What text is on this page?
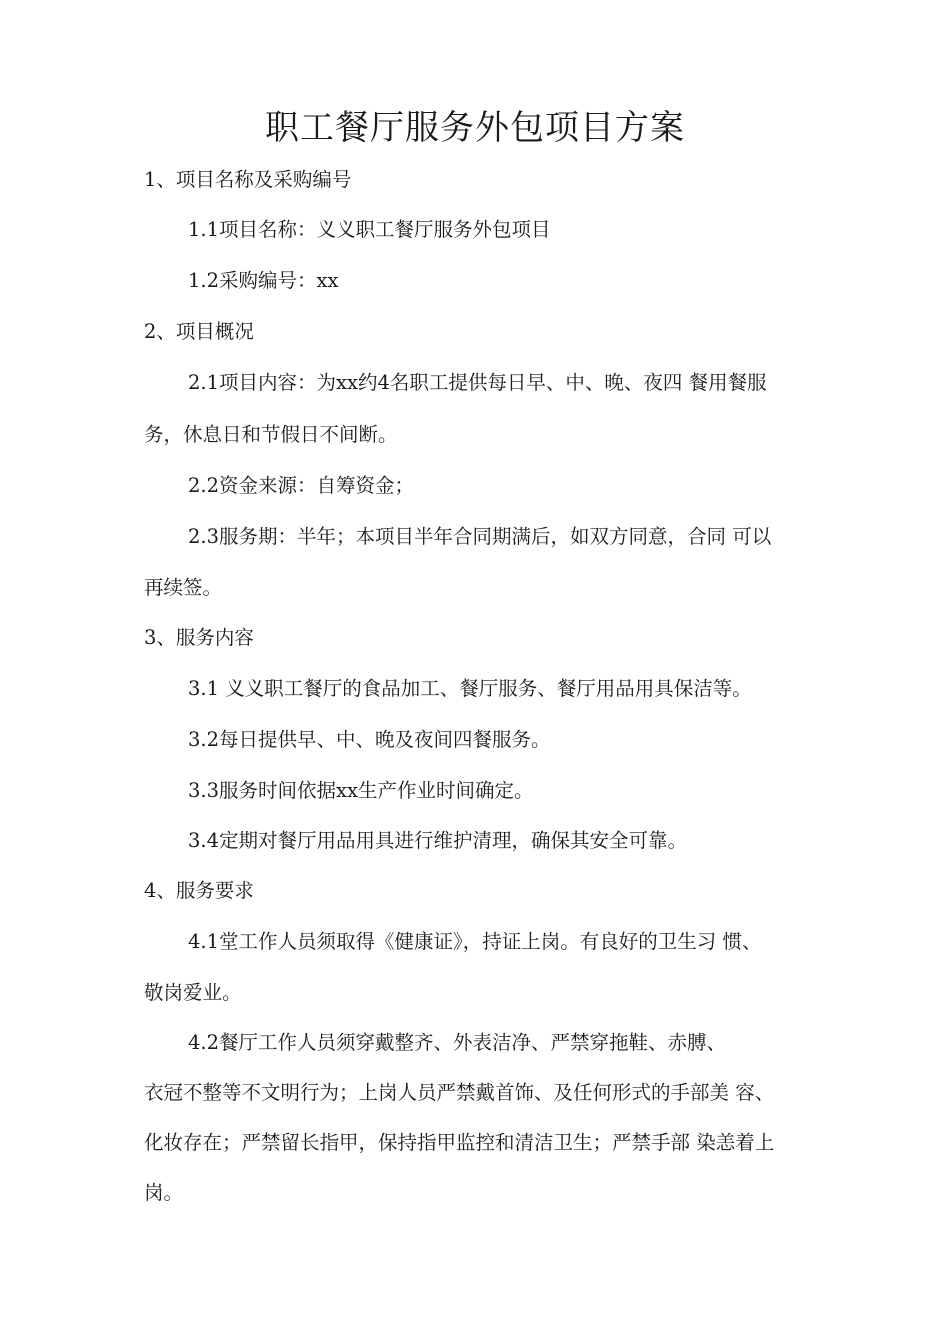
职工餐厅服务外包项目方案

1、项目名称及采购编号

1.1项目名称：义义职工餐厅服务外包项目

1.2采购编号：xx

2、项目概况

2.1项目内容：为xx约4名职工提供每日早、中、晚、夜四 餐用餐服

务，休息日和节假日不间断。

2.2资金来源：自筹资金；

2.3服务期：半年；本项目半年合同期满后，如双方同意，合同 可以

再续签。

3、服务内容

3.1 义义职工餐厅的食品加工、餐厅服务、餐厅用品用具保洁等。

3.2每日提供早、中、晚及夜间四餐服务。

3.3服务时间依据xx生产作业时间确定。

3.4定期对餐厅用品用具进行维护清理，确保其安全可靠。

4、服务要求

4.1堂工作人员须取得《健康证》，持证上岗。有良好的卫生习 惯、

敬岗爱业。

4.2餐厅工作人员须穿戴整齐、外表洁净、严禁穿拖鞋、赤膊、

衣冠不整等不文明行为；上岗人员严禁戴首饰、及任何形式的手部美 容、

化妆存在；严禁留长指甲，保持指甲监控和清洁卫生；严禁手部 染恙着上

岗。
